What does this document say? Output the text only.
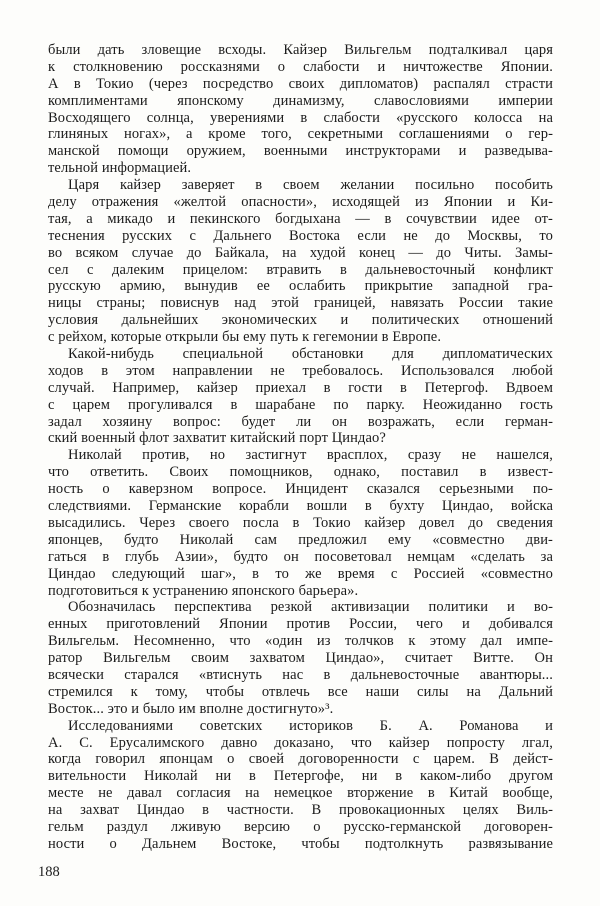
были дать зловещие всходы. Кайзер Вильгельм подталкивал царя
к столкновению россказнями о слабости и ничтожестве Японии.
А в Токио (через посредство своих дипломатов) распалял страсти
комплиментами японскому динамизму, славословиями империи
Восходящего солнца, уверениями в слабости «русского колосса на
глиняных ногах», а кроме того, секретными соглашениями о гер-
манской помощи оружием, военными инструкторами и разведыва-
тельной информацией.
Царя кайзер заверяет в своем желании посильно пособить
делу отражения «желтой опасности», исходящей из Японии и Ки-
тая, а микадо и пекинского богдыхана — в сочувствии идее от-
теснения русских с Дальнего Востока если не до Москвы, то
во всяком случае до Байкала, на худой конец — до Читы. Замы-
сел с далеким прицелом: втравить в дальневосточный конфликт
русскую армию, вынудив ее ослабить прикрытие западной гра-
ницы страны; повиснув над этой границей, навязать России такие
условия дальнейших экономических и политических отношений
с рейхом, которые открыли бы ему путь к гегемонии в Европе.
Какой-нибудь специальной обстановки для дипломатических
ходов в этом направлении не требовалось. Использовался любой
случай. Например, кайзер приехал в гости в Петергоф. Вдвоем
с царем прогуливался в шарабане по парку. Неожиданно гость
задал хозяину вопрос: будет ли он возражать, если герман-
ский военный флот захватит китайский порт Циндао?
Николай против, но застигнут врасплох, сразу не нашелся,
что ответить. Своих помощников, однако, поставил в извест-
ность о каверзном вопросе. Инцидент сказался серьезными по-
следствиями. Германские корабли вошли в бухту Циндао, войска
высадились. Через своего посла в Токио кайзер довел до сведения
японцев, будто Николай сам предложил ему «совместно дви-
гаться в глубь Азии», будто он посоветовал немцам «сделать за
Циндао следующий шаг», в то же время с Россией «совместно
подготовиться к устранению японского барьера».
Обозначилась перспектива резкой активизации политики и во-
енных приготовлений Японии против России, чего и добивался
Вильгельм. Несомненно, что «один из толчков к этому дал импе-
ратор Вильгельм своим захватом Циндао», считает Витте. Он
всячески старался «втиснуть нас в дальневосточные авантюры...
стремился к тому, чтобы отвлечь все наши силы на Дальний
Восток... это и было им вполне достигнуто»³.
Исследованиями советских историков Б. А. Романова и
А. С. Ерусалимского давно доказано, что кайзер попросту лгал,
когда говорил японцам о своей договоренности с царем. В дейст-
вительности Николай ни в Петергофе, ни в каком-либо другом
месте не давал согласия на немецкое вторжение в Китай вообще,
на захват Циндао в частности. В провокационных целях Виль-
гельм раздул лживую версию о русско-германской договорен-
ности о Дальнем Востоке, чтобы подтолкнуть развязывание
188
